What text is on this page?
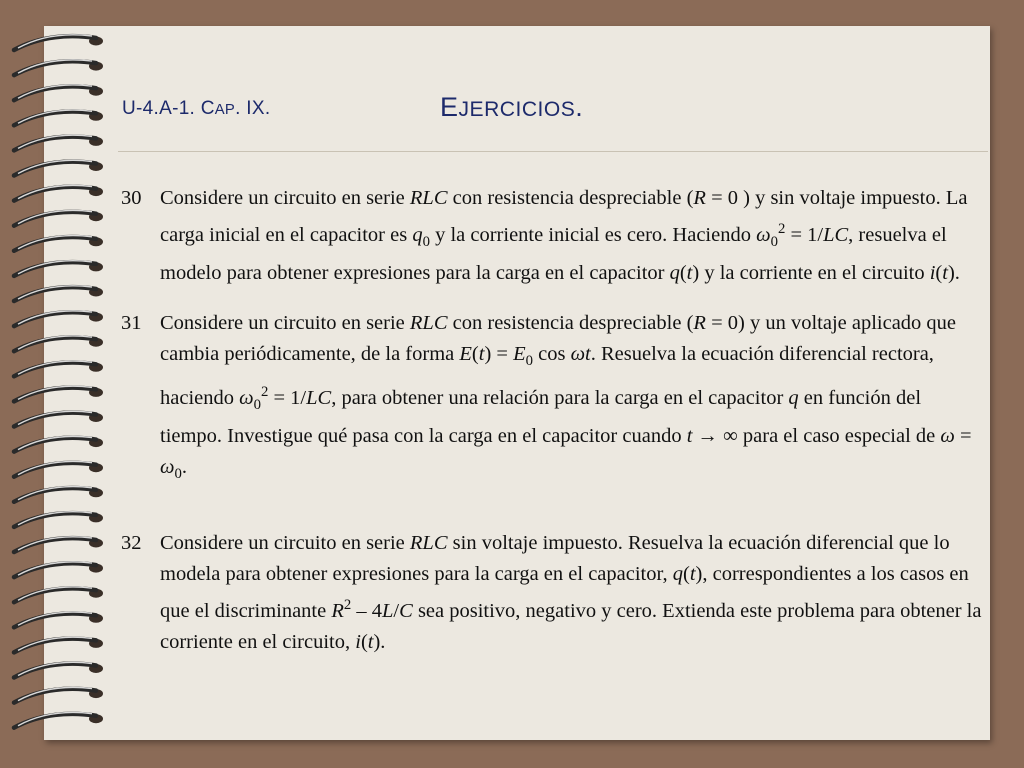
U-4.A-1. CAP. IX.	EJERCICIOS.
30 Considere un circuito en serie RLC con resistencia despreciable (R = 0 ) y sin voltaje impuesto. La carga inicial en el capacitor es $q_0$ y la corriente inicial es cero. Haciendo $\omega_0^2 = 1/LC$, resuelva el modelo para obtener expresiones para la carga en el capacitor q(t) y la corriente en el circuito i(t).

31 Considere un circuito en serie RLC con resistencia despreciable (R = 0) y un voltaje aplicado que cambia periódicamente, de la forma $E(t) = E_0$ cos ωt. Resuelva la ecuación diferencial rectora, haciendo $\omega_0^2 = 1/LC$, para obtener una relación para la carga en el capacitor q en función del tiempo. Investigue qué pasa con la carga en el capacitor cuando t → ∞ para el caso especial de $\omega = \omega_0$.

32 Considere un circuito en serie RLC sin voltaje impuesto. Resuelva la ecuación diferencial que lo modela para obtener expresiones para la carga en el capacitor, q(t), correspondientes a los casos en que el discriminante $R^2 - 4L/C$ sea positivo, negativo y cero. Extienda este problema para obtener la corriente en el circuito, i(t).
